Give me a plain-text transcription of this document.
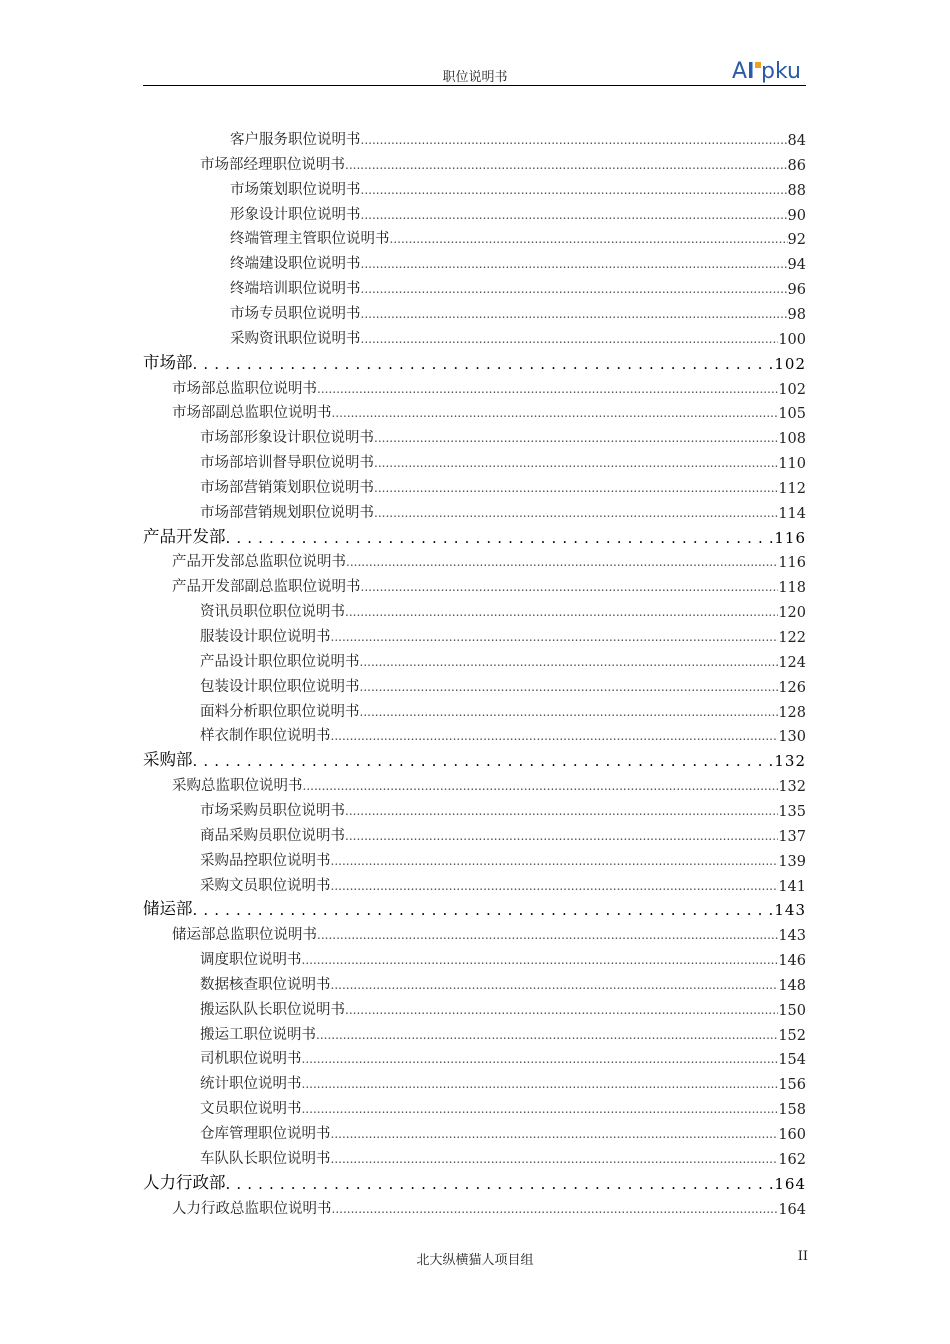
职位说明书	A pku
客户服务职位说明书 .....	84
市场部经理职位说明书 .....	86
市场策划职位说明书 .....	88
形象设计职位说明书 .....	90
终端管理主管职位说明书 .....	92
终端建设职位说明书 .....	94
终端培训职位说明书 .....	96
市场专员职位说明书 .....	98
采购资讯职位说明书 .....	100
市场部 .....	102
市场部总监职位说明书 .....	102
市场部副总监职位说明书 .....	105
市场部形象设计职位说明书 .....	108
市场部培训督导职位说明书 .....	110
市场部营销策划职位说明书 .....	112
市场部营销规划职位说明书 .....	114
产品开发部 .....	116
产品开发部总监职位说明书 .....	116
产品开发部副总监职位说明书 .....	118
资讯员职位职位说明书 .....	120
服装设计职位说明书 .....	122
产品设计职位职位说明书 .....	124
包装设计职位职位说明书 .....	126
面料分析职位职位说明书 .....	128
样衣制作职位说明书 .....	130
采购部 .....	132
采购总监职位说明书 .....	132
市场采购员职位说明书 .....	135
商品采购员职位说明书 .....	137
采购品控职位说明书 .....	139
采购文员职位说明书 .....	141
储运部 .....	143
储运部总监职位说明书 .....	143
调度职位说明书 .....	146
数据核查职位说明书 .....	148
搬运队队长职位说明书 .....	150
搬运工职位说明书 .....	152
司机职位说明书 .....	154
统计职位说明书 .....	156
文员职位说明书 .....	158
仓库管理职位说明书 .....	160
车队队长职位说明书 .....	162
人力行政部 .....	164
人力行政总监职位说明书 .....	164
北大纵横猫人项目组	II
